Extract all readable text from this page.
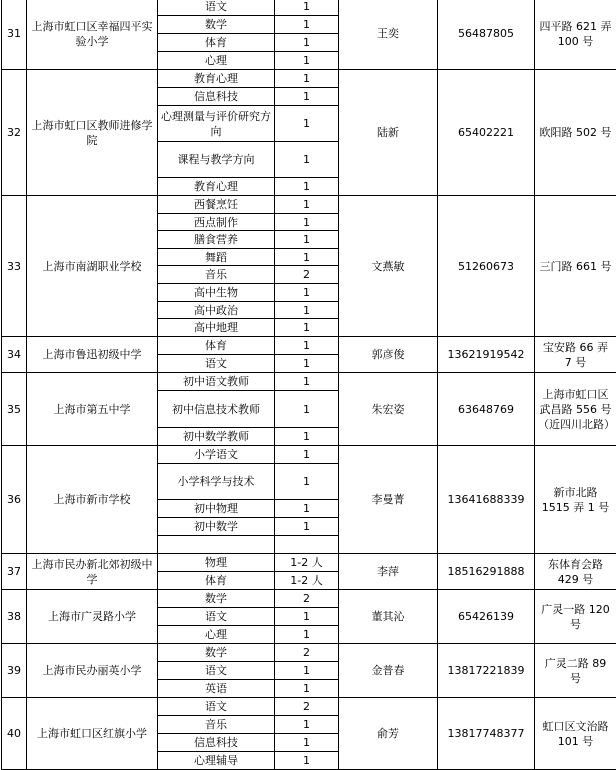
31	上海市虹口区幸福四平实验小学	语文	1	王奕	56487805	四平路 621 弄 100 号
		数学	1			
		体育	1			
		心理	1			
32	上海市虹口区教师进修学院	教育心理	1	陆新	65402221	欧阳路 502 号
		信息科技	1			
		心理测量与评价研究方向	1			
		课程与教学方向	1			
		教育心理	1			
33	上海市南湖职业学校	西餐烹饪	1	文燕敏	51260673	三门路 661 号
		西点制作	1			
		膳食营养	1			
		舞蹈	1			
		音乐	2			
		高中生物	1			
		高中政治	1			
		高中地理	1			
34	上海市鲁迅初级中学	体育	1	郭彦俊	13621919542	宝安路 66 弄 7 号
		语文	1			
35	上海市第五中学	初中语文教师	1	朱宏姿	63648769	上海市虹口区武昌路 556 号（近四川北路）
		初中信息技术教师	1			
		初中数学教师	1			
36	上海市新市学校	小学语文	1	李曼菁	13641688339	新市北路 1515 弄 1 号
		小学科学与技术	1			
		初中物理	1			
		初中数学	1			

37	上海市民办新北郊初级中学	物理	1-2 人	李萍	18516291888	东体育会路 429 号
		体育	1-2 人			
38	上海市广灵路小学	数学	2	董其沁	65426139	广灵一路 120 号
		语文	1			
		心理	1			
39	上海市民办丽英小学	数学	2	金普春	13817221839	广灵二路 89 号
		语文	1			
		英语	1			
40	上海市虹口区红旗小学	语文	2	俞芳	13817748377	虹口区文治路 101 号
		音乐	1			
		信息科技	1			
		心理辅导	1			
